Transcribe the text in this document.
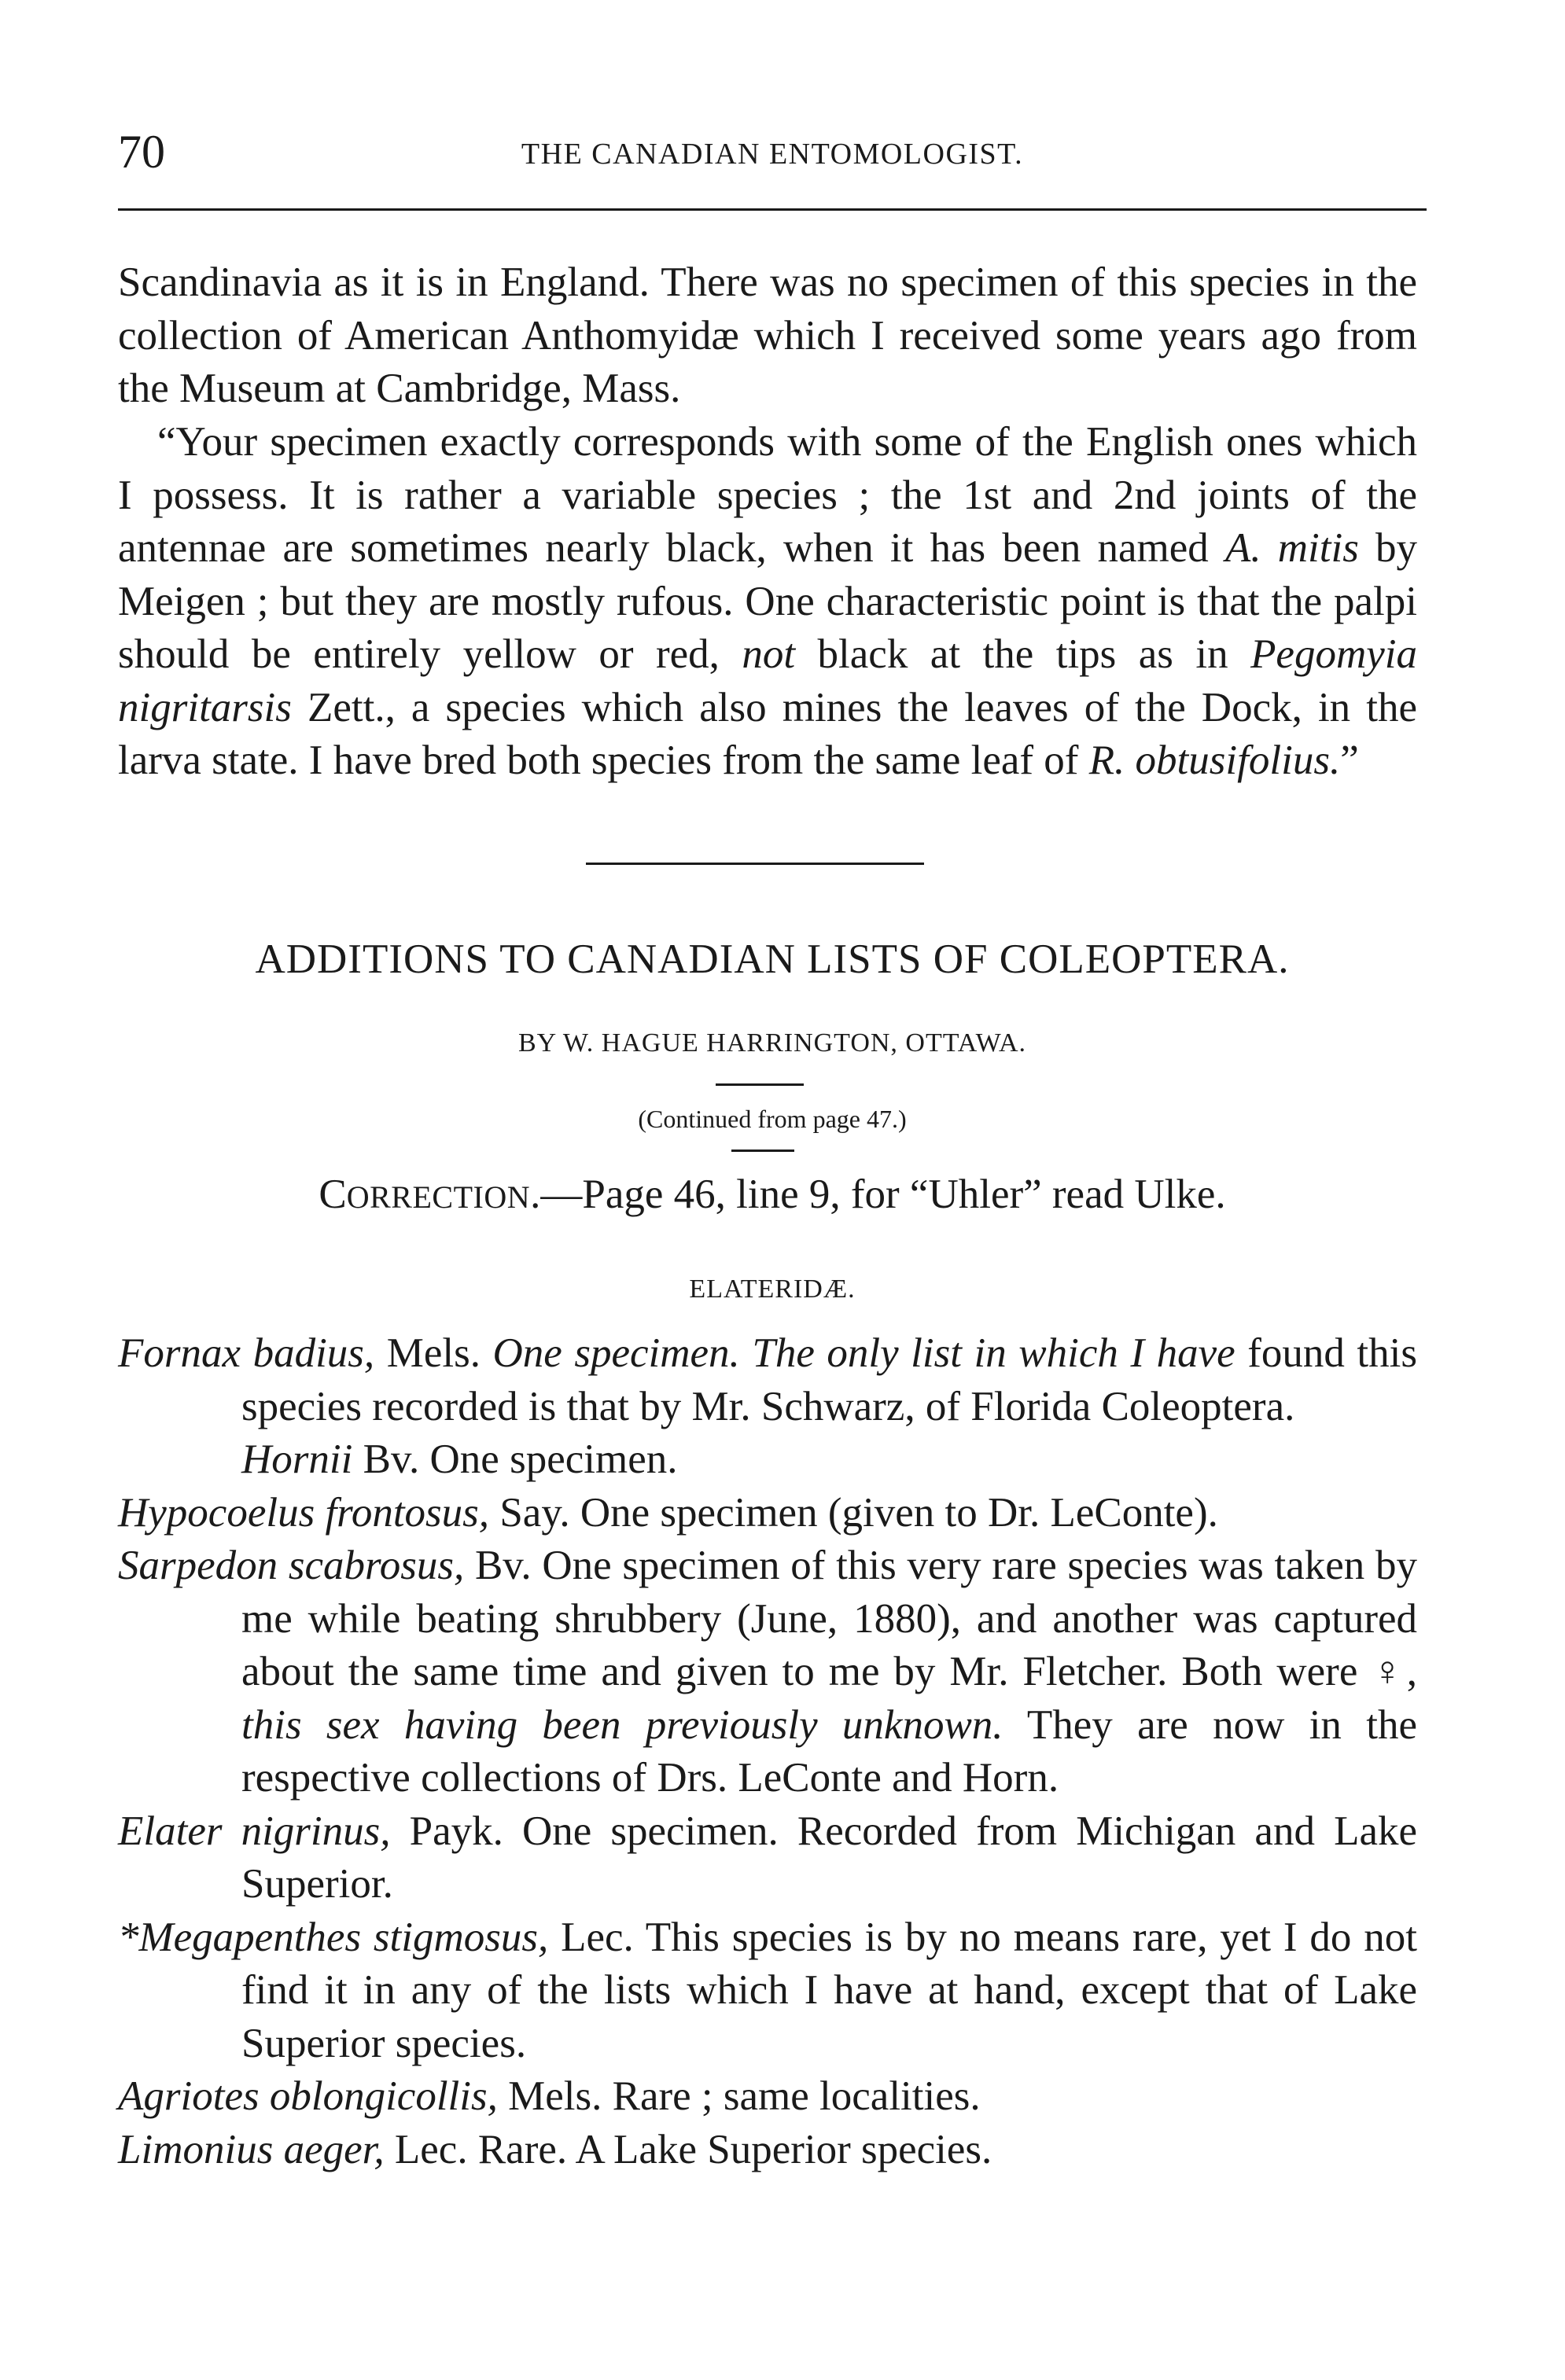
70	THE CANADIAN ENTOMOLOGIST.

Scandinavia as it is in England. There was no specimen of this species in the collection of American Anthomyidæ which I received some years ago from the Museum at Cambridge, Mass.

“Your specimen exactly corresponds with some of the English ones which I possess. It is rather a variable species ; the 1st and 2nd joints of the antennae are sometimes nearly black, when it has been named A. mitis by Meigen ; but they are mostly rufous. One characteristic point is that the palpi should be entirely yellow or red, not black at the tips as in Pegomyia nigritarsis Zett., a species which also mines the leaves of the Dock, in the larva state. I have bred both species from the same leaf of R. obtusifolius.”

ADDITIONS TO CANADIAN LISTS OF COLEOPTERA.
BY W. HAGUE HARRINGTON, OTTAWA.
(Continued from page 47.)
CORRECTION.—Page 46, line 9, for “Uhler” read Ulke.
ELATERIDÆ.

Fornax badius, Mels. One specimen. The only list in which I have found this species recorded is that by Mr. Schwarz, of Florida Coleoptera.

Hornii Bv. One specimen.

Hypocoelus frontosus, Say. One specimen (given to Dr. LeConte).

Sarpedon scabrosus, Bv. One specimen of this very rare species was taken by me while beating shrubbery (June, 1880), and another was captured about the same time and given to me by Mr. Fletcher. Both were ♀, this sex having been previously unknown. They are now in the respective collections of Drs. LeConte and Horn.

Elater nigrinus, Payk. One specimen. Recorded from Michigan and Lake Superior.

*Megapenthes stigmosus, Lec. This species is by no means rare, yet I do not find it in any of the lists which I have at hand, except that of Lake Superior species.

Agriotes oblongicollis, Mels. Rare ; same localities.

Limonius aeger, Lec. Rare. A Lake Superior species.
